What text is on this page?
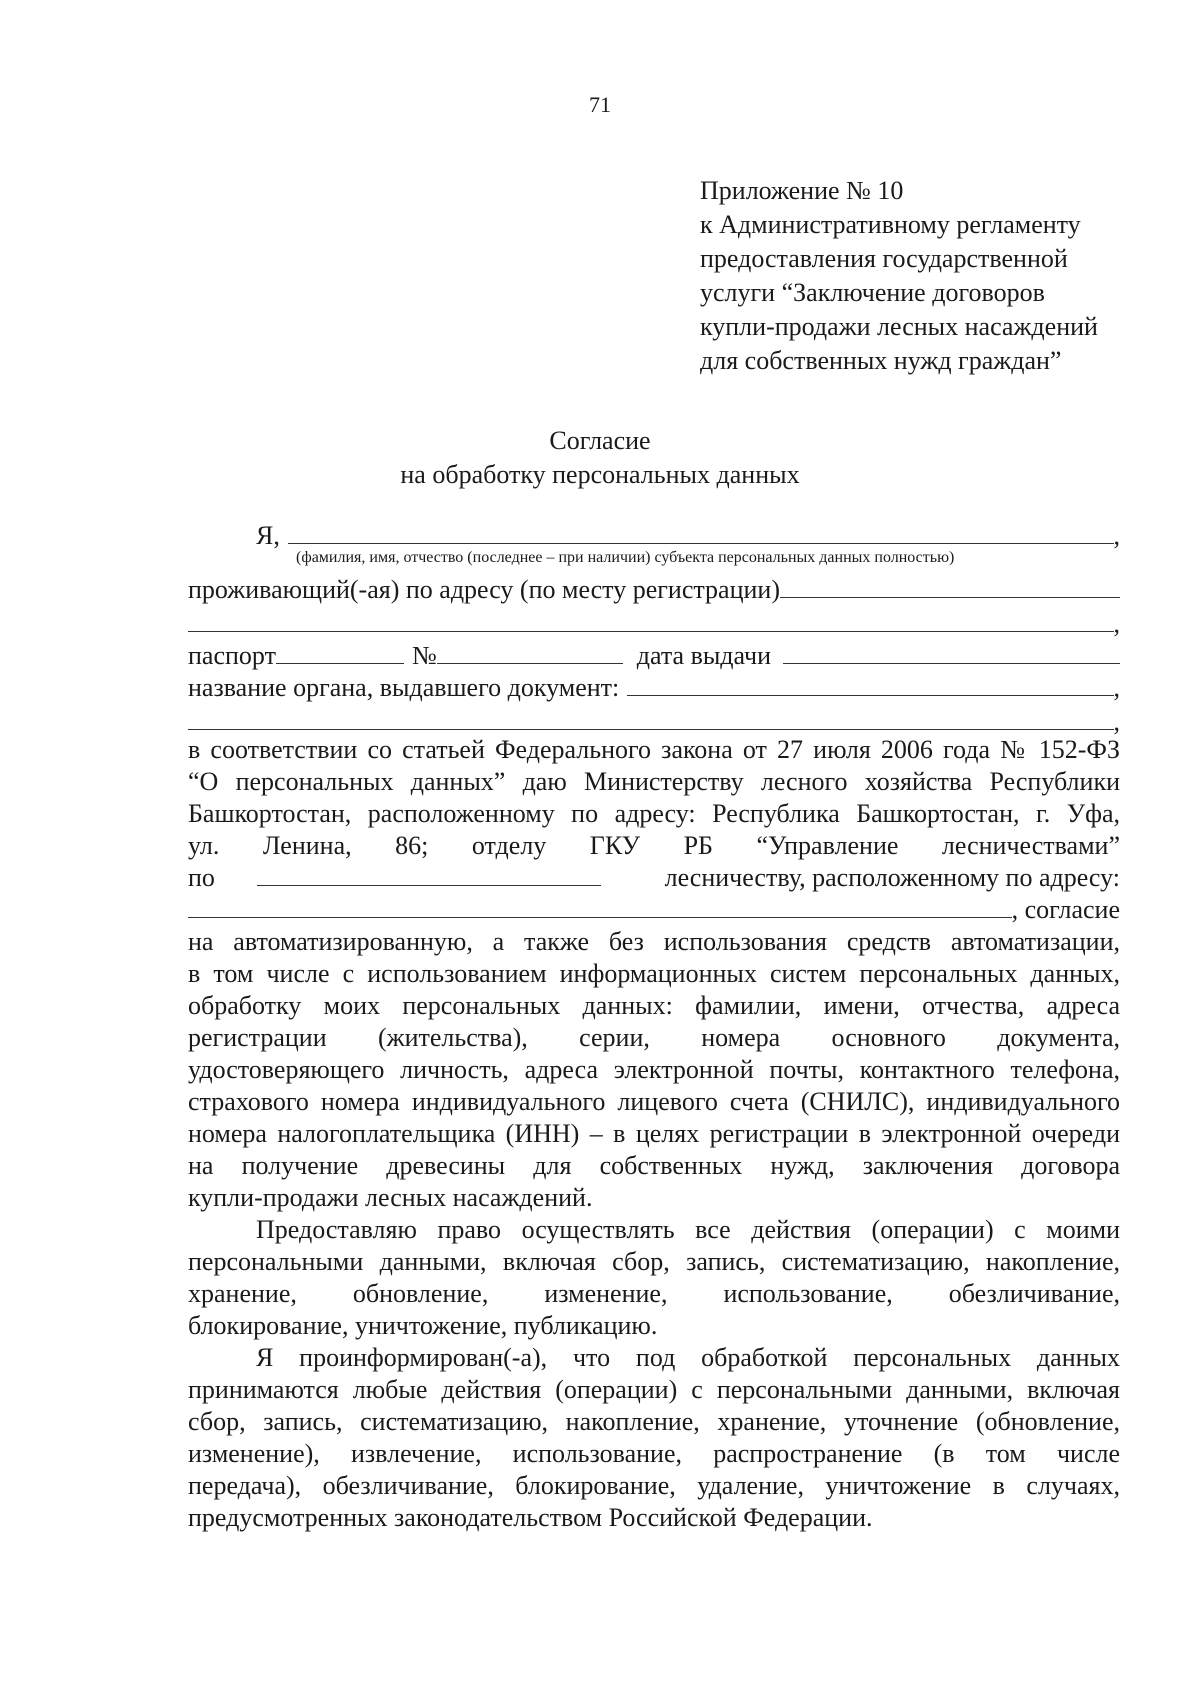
71
Приложение № 10
к Административному регламенту
предоставления государственной
услуги “Заключение договоров
купли-продажи лесных насаждений
для собственных нужд граждан”
Согласие
на обработку персональных данных
Я,	,
(фамилия, имя, отчество (последнее – при наличии) субъекта персональных данных полностью)
проживающий(-ая) по адресу (по месту регистрации)
,
паспорт	№	дата выдачи
название органа, выдавшего документ:	,
,
в соответствии со статьей Федерального закона от 27 июля 2006 года № 152-ФЗ
“О персональных данных” даю Министерству лесного хозяйства Республики
Башкортостан, расположенному по адресу: Республика Башкортостан, г. Уфа,
ул. Ленина, 86; отделу ГКУ РБ “Управление лесничествами”
по	лесничеству, расположенному по адресу:
, согласие
на автоматизированную, а также без использования средств автоматизации,
в том числе с использованием информационных систем персональных данных,
обработку моих персональных данных: фамилии, имени, отчества, адреса
регистрации (жительства), серии, номера основного документа,
удостоверяющего личность, адреса электронной почты, контактного телефона,
страхового номера индивидуального лицевого счета (СНИЛС), индивидуального
номера налогоплательщика (ИНН) – в целях регистрации в электронной очереди
на получение древесины для собственных нужд, заключения договора
купли-продажи лесных насаждений.
Предоставляю право осуществлять все действия (операции) с моими
персональными данными, включая сбор, запись, систематизацию, накопление,
хранение, обновление, изменение, использование, обезличивание,
блокирование, уничтожение, публикацию.
Я проинформирован(-а), что под обработкой персональных данных
принимаются любые действия (операции) с персональными данными, включая
сбор, запись, систематизацию, накопление, хранение, уточнение (обновление,
изменение), извлечение, использование, распространение (в том числе
передача), обезличивание, блокирование, удаление, уничтожение в случаях,
предусмотренных законодательством Российской Федерации.
